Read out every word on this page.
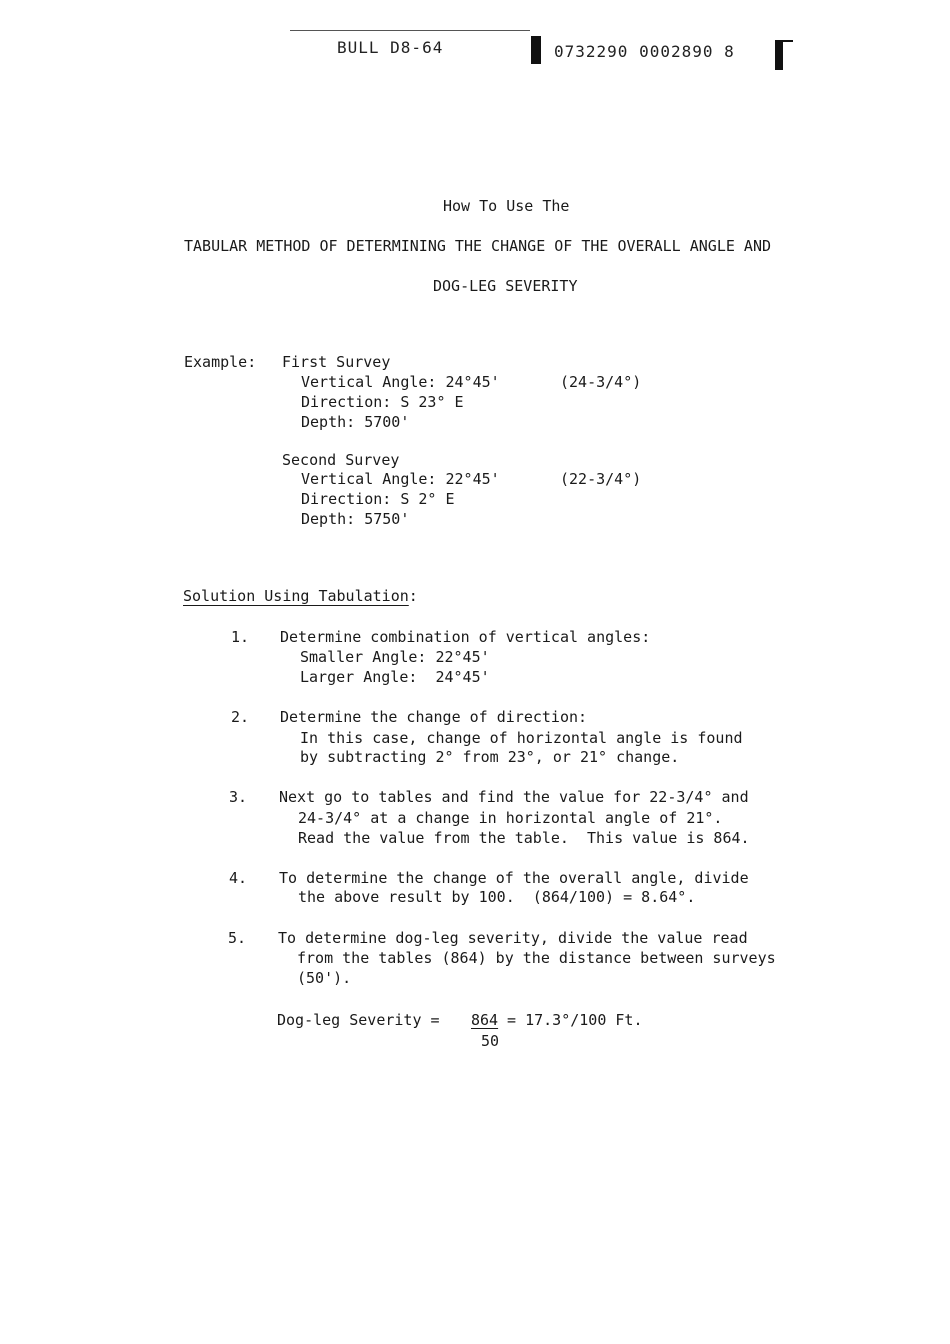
BULL D8-64	0732290 0002890 8
How To Use The
TABULAR METHOD OF DETERMINING THE CHANGE OF THE OVERALL ANGLE AND
DOG-LEG SEVERITY
Example: First Survey
Vertical Angle: 24°45'	(24-3/4°)
Direction: S 23° E
Depth: 5700'
Second Survey
Vertical Angle: 22°45'	(22-3/4°)
Direction: S 2° E
Depth: 5750'
Solution Using Tabulation:
1. Determine combination of vertical angles:
Smaller Angle: 22°45'
Larger Angle:  24°45'
2. Determine the change of direction:
In this case, change of horizontal angle is found
by subtracting 2° from 23°, or 21° change.
3. Next go to tables and find the value for 22-3/4° and
24-3/4° at a change in horizontal angle of 21°.
Read the value from the table.  This value is 864.
4. To determine the change of the overall angle, divide
the above result by 100.  (864/100) = 8.64°.
5. To determine dog-leg severity, divide the value read
from the tables (864) by the distance between surveys
(50').
Dog-leg Severity = 864 = 17.3°/100 Ft.
50
